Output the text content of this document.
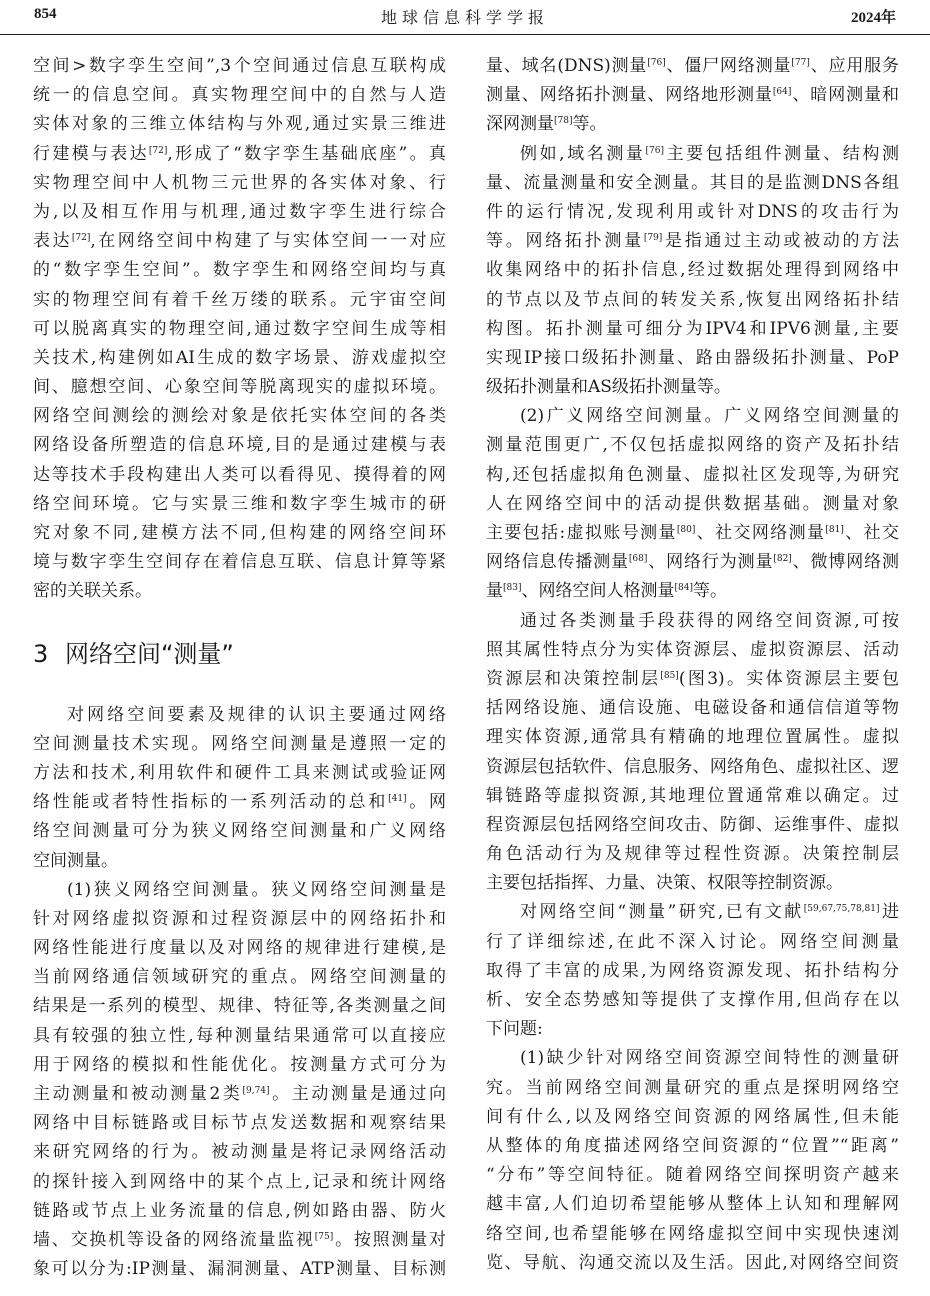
854	地球信息科学学报	2024年
空间>数字孪生空间”,3个空间通过信息互联构成
统一的信息空间。真实物理空间中的自然与人造
实体对象的三维立体结构与外观,通过实景三维进
行建模与表达[72],形成了“数字孪生基础底座”。真
实物理空间中人机物三元世界的各实体对象、行
为,以及相互作用与机理,通过数字孪生进行综合
表达[72],在网络空间中构建了与实体空间一一对应
的“数字孪生空间”。数字孪生和网络空间均与真
实的物理空间有着千丝万缕的联系。元宇宙空间
可以脱离真实的物理空间,通过数字空间生成等相
关技术,构建例如AI生成的数字场景、游戏虚拟空
间、臆想空间、心象空间等脱离现实的虚拟环境。
网络空间测绘的测绘对象是依托实体空间的各类
网络设备所塑造的信息环境,目的是通过建模与表
达等技术手段构建出人类可以看得见、摸得着的网
络空间环境。它与实景三维和数字孪生城市的研
究对象不同,建模方法不同,但构建的网络空间环
境与数字孪生空间存在着信息互联、信息计算等紧
密的关联关系。
3 网络空间“测量”
对网络空间要素及规律的认识主要通过网络
空间测量技术实现。网络空间测量是遵照一定的
方法和技术,利用软件和硬件工具来测试或验证网
络性能或者特性指标的一系列活动的总和[41]。网
络空间测量可分为狭义网络空间测量和广义网络
空间测量。
(1)狭义网络空间测量。狭义网络空间测量是
针对网络虚拟资源和过程资源层中的网络拓扑和
网络性能进行度量以及对网络的规律进行建模,是
当前网络通信领域研究的重点。网络空间测量的
结果是一系列的模型、规律、特征等,各类测量之间
具有较强的独立性,每种测量结果通常可以直接应
用于网络的模拟和性能优化。按测量方式可分为
主动测量和被动测量2类[9,74]。主动测量是通过向
网络中目标链路或目标节点发送数据和观察结果
来研究网络的行为。被动测量是将记录网络活动
的探针接入到网络中的某个点上,记录和统计网络
链路或节点上业务流量的信息,例如路由器、防火
墙、交换机等设备的网络流量监视[75]。按照测量对
象可以分为:IP测量、漏洞测量、ATP测量、目标测
量、域名(DNS)测量[76]、僵尸网络测量[77]、应用服务
测量、网络拓扑测量、网络地形测量[64]、暗网测量和
深网测量[78]等。
例如,域名测量[76]主要包括组件测量、结构测
量、流量测量和安全测量。其目的是监测DNS各组
件的运行情况,发现利用或针对DNS的攻击行为
等。网络拓扑测量[79]是指通过主动或被动的方法
收集网络中的拓扑信息,经过数据处理得到网络中
的节点以及节点间的转发关系,恢复出网络拓扑结
构图。拓扑测量可细分为IPV4和IPV6测量,主要
实现IP接口级拓扑测量、路由器级拓扑测量、PoP
级拓扑测量和AS级拓扑测量等。
(2)广义网络空间测量。广义网络空间测量的
测量范围更广,不仅包括虚拟网络的资产及拓扑结
构,还包括虚拟角色测量、虚拟社区发现等,为研究
人在网络空间中的活动提供数据基础。测量对象
主要包括:虚拟账号测量[80]、社交网络测量[81]、社交
网络信息传播测量[68]、网络行为测量[82]、微博网络测
量[83]、网络空间人格测量[84]等。
通过各类测量手段获得的网络空间资源,可按
照其属性特点分为实体资源层、虚拟资源层、活动
资源层和决策控制层[85](图3)。实体资源层主要包
括网络设施、通信设施、电磁设备和通信信道等物
理实体资源,通常具有精确的地理位置属性。虚拟
资源层包括软件、信息服务、网络角色、虚拟社区、逻
辑链路等虚拟资源,其地理位置通常难以确定。过
程资源层包括网络空间攻击、防御、运维事件、虚拟
角色活动行为及规律等过程性资源。决策控制层
主要包括指挥、力量、决策、权限等控制资源。
对网络空间“测量”研究,已有文献[59,67,75,78,81]进
行了详细综述,在此不深入讨论。网络空间测量
取得了丰富的成果,为网络资源发现、拓扑结构分
析、安全态势感知等提供了支撑作用,但尚存在以
下问题:
(1)缺少针对网络空间资源空间特性的测量研
究。当前网络空间测量研究的重点是探明网络空
间有什么,以及网络空间资源的网络属性,但未能
从整体的角度描述网络空间资源的“位置”“距离”
“分布”等空间特征。随着网络空间探明资产越来
越丰富,人们迫切希望能够从整体上认知和理解网
络空间,也希望能够在网络虚拟空间中实现快速浏
览、导航、沟通交流以及生活。因此,对网络空间资
